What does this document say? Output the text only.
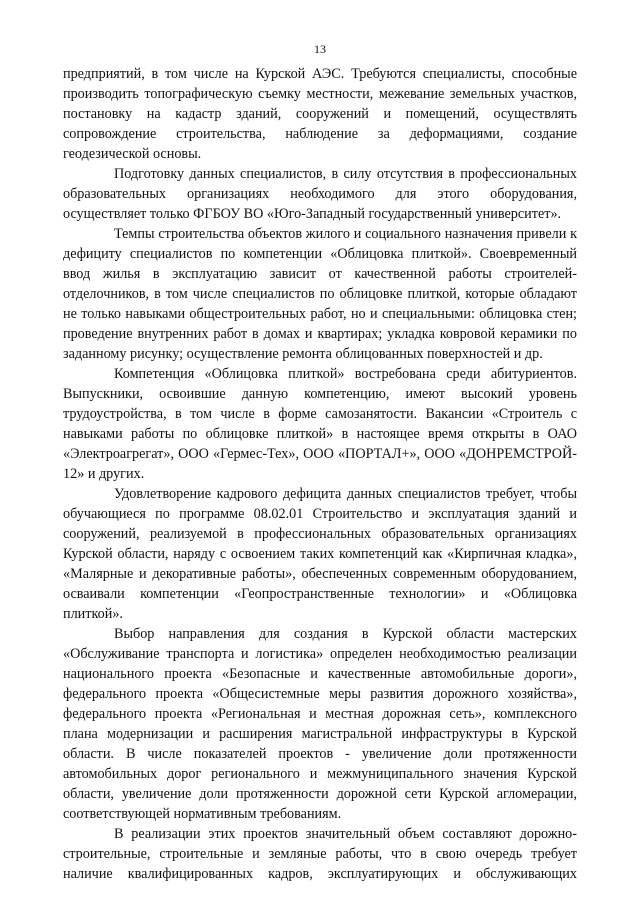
13
предприятий, в том числе на Курской АЭС. Требуются специалисты, способные
производить топографическую съемку местности, межевание земельных участков,
постановку на кадастр зданий, сооружений и помещений, осуществлять
сопровождение строительства, наблюдение за деформациями, создание
геодезической основы.
Подготовку данных специалистов, в силу отсутствия в профессиональных
образовательных организациях необходимого для этого оборудования,
осуществляет только ФГБОУ ВО «Юго-Западный государственный университет».
Темпы строительства объектов жилого и социального назначения привели к
дефициту специалистов по компетенции «Облицовка плиткой». Своевременный
ввод жилья в эксплуатацию зависит от качественной работы строителей-
отделочников, в том числе специалистов по облицовке плиткой, которые обладают
не только навыками общестроительных работ, но и специальными: облицовка стен;
проведение внутренних работ в домах и квартирах; укладка ковровой керамики по
заданному рисунку; осуществление ремонта облицованных поверхностей и др.
Компетенция «Облицовка плиткой» востребована среди абитуриентов.
Выпускники, освоившие данную компетенцию, имеют высокий уровень
трудоустройства, в том числе в форме самозанятости. Вакансии «Строитель с
навыками работы по облицовке плиткой» в настоящее время открыты в ОАО
«Электроагрегат», ООО «Гермес-Тех», ООО «ПОРТАЛ+», ООО «ДОНРЕМСТРОЙ-
12» и других.
Удовлетворение кадрового дефицита данных специалистов требует, чтобы
обучающиеся по программе 08.02.01 Строительство и эксплуатация зданий и
сооружений, реализуемой в профессиональных образовательных организациях
Курской области, наряду с освоением таких компетенций как «Кирпичная кладка»,
«Малярные и декоративные работы», обеспеченных современным оборудованием,
осваивали компетенции «Геопространственные технологии» и «Облицовка
плиткой».
Выбор направления для создания в Курской области мастерских
«Обслуживание транспорта и логистика» определен необходимостью реализации
национального проекта «Безопасные и качественные автомобильные дороги»,
федерального проекта «Общесистемные меры развития дорожного хозяйства»,
федерального проекта «Региональная и местная дорожная сеть», комплексного
плана модернизации и расширения магистральной инфраструктуры в Курской
области. В числе показателей проектов - увеличение доли протяженности
автомобильных дорог регионального и межмуниципального значения Курской
области, увеличение доли протяженности дорожной сети Курской агломерации,
соответствующей нормативным требованиям.
В реализации этих проектов значительный объем составляют дорожно-
строительные, строительные и земляные работы, что в свою очередь требует
наличие квалифицированных кадров, эксплуатирующих и обслуживающих
